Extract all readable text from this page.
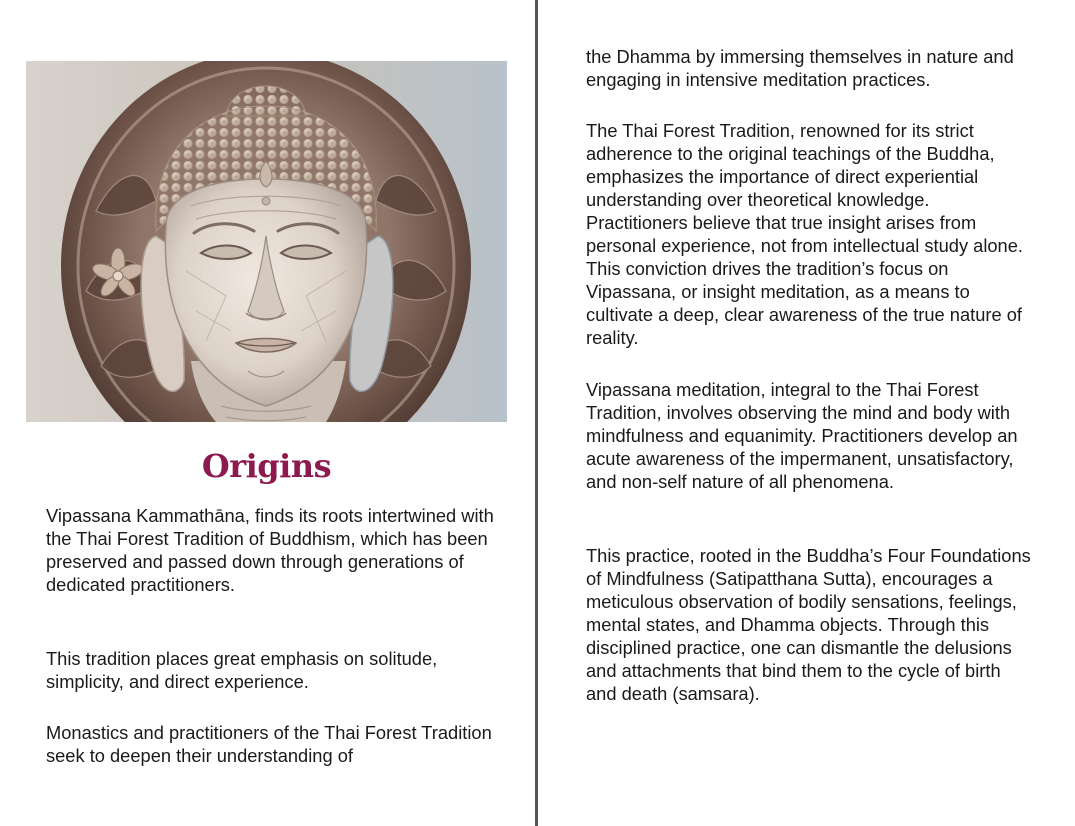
Origins

Vipassana Kammathāna, finds its roots intertwined with the Thai Forest Tradition of Buddhism, which has been preserved and passed down through generations of dedicated practitioners.

This tradition places great emphasis on solitude, simplicity, and direct experience.

Monastics and practitioners of the Thai Forest Tradition seek to deepen their understanding of

the Dhamma by immersing themselves in nature and engaging in intensive meditation practices.

The Thai Forest Tradition, renowned for its strict adherence to the original teachings of the Buddha, emphasizes the importance of direct experiential understanding over theoretical knowledge. Practitioners believe that true insight arises from personal experience, not from intellectual study alone. This conviction drives the tradition’s focus on Vipassana, or insight meditation, as a means to cultivate a deep, clear awareness of the true nature of reality.

Vipassana meditation, integral to the Thai Forest Tradition, involves observing the mind and body with mindfulness and equanimity. Practitioners develop an acute awareness of the impermanent, unsatisfactory, and non-self nature of all phenomena.

This practice, rooted in the Buddha’s Four Foundations of Mindfulness (Satipatthana Sutta), encourages a meticulous observation of bodily sensations, feelings, mental states, and Dhamma objects. Through this disciplined practice, one can dismantle the delusions and attachments that bind them to the cycle of birth and death (samsara).
